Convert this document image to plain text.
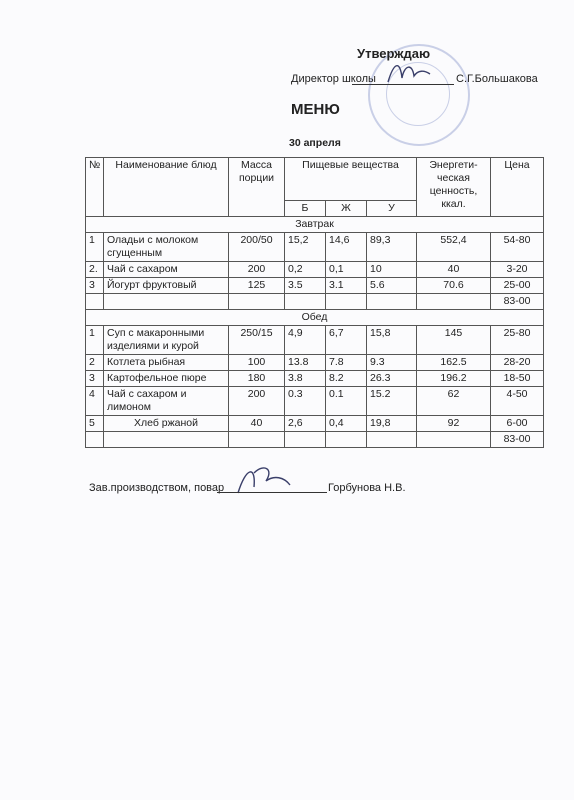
Утверждаю
Директор школы	С.Г.Большакова
МЕНЮ
30 апреля
№	Наименование блюд	Масса порции	Пищевые вещества			Энергети-ческая ценность, ккал.	Цена
			Б	Ж	У		
Завтрак							
1	Оладьи с молоком сгущенным	200/50	15,2	14,6	89,3	552,4	54-80
2.	Чай с сахаром	200	0,2	0,1	10	40	3-20
3	Йогурт фруктовый	125	3.5	3.1	5.6	70.6	25-00
							83-00
Обед							
1	Суп с макаронными изделиями и курой	250/15	4,9	6,7	15,8	145	25-80
2	Котлета рыбная	100	13.8	7.8	9.3	162.5	28-20
3	Картофельное пюре	180	3.8	8.2	26.3	196.2	18-50
4	Чай с сахаром и лимоном	200	0.3	0.1	15.2	62	4-50
5	Хлеб ржаной	40	2,6	0,4	19,8	92	6-00
							83-00
Зав.производством, повар	Горбунова Н.В.
